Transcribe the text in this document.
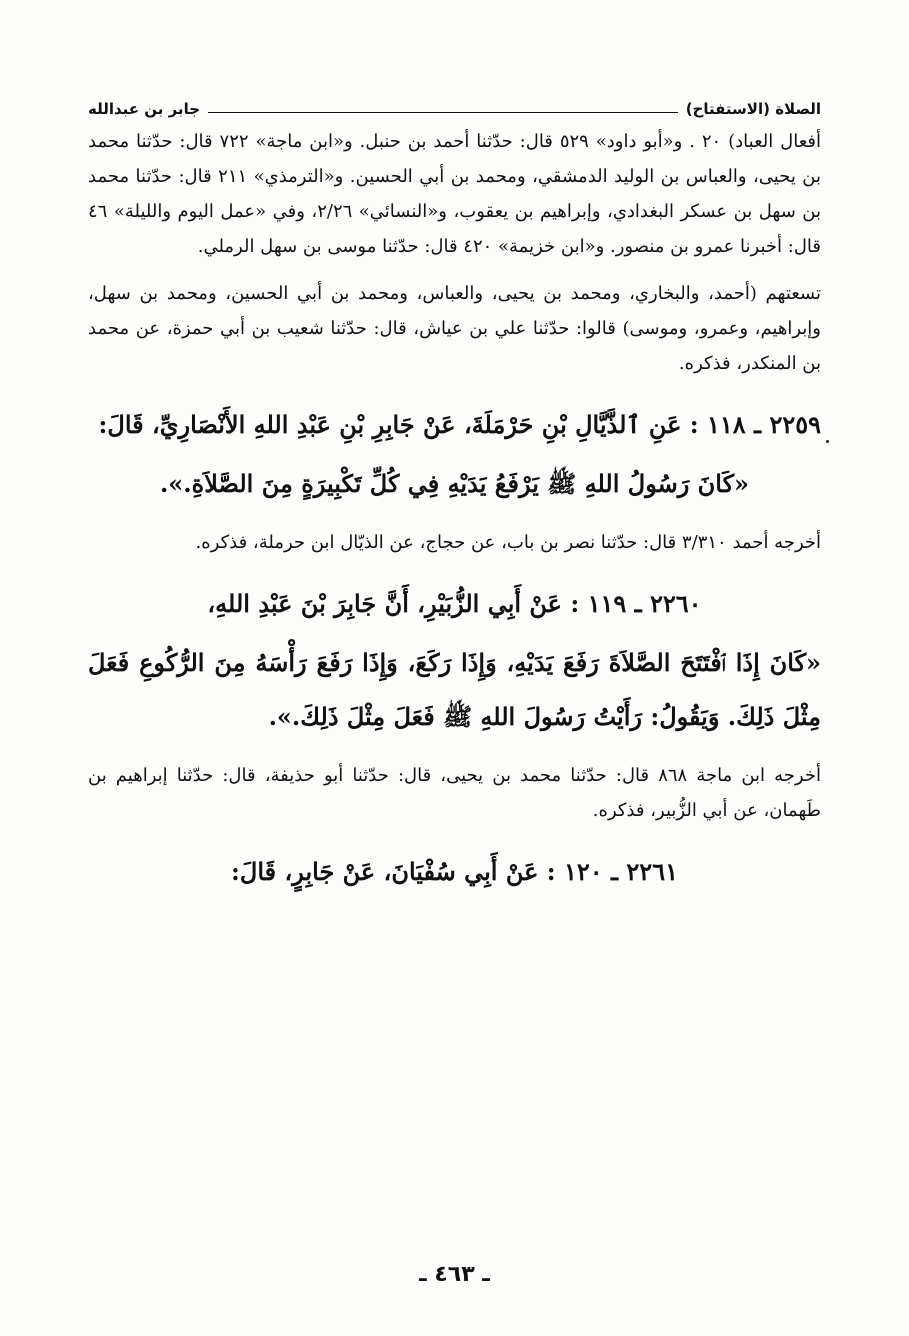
الصلاة (الاستفتاح)
جابر بن عبدالله

أفعال العباد) ٢٠ . و«أبو داود» ٥٢٩ قال: حدّثنا أحمد بن حنبل. و«ابن ماجة» ٧٢٢ قال: حدّثنا محمد بن يحيى، والعباس بن الوليد الدمشقي، ومحمد بن أبي الحسين. و«الترمذي» ٢١١ قال: حدّثنا محمد بن سهل بن عسكر البغدادي، وإبراهيم بن يعقوب، و«النسائي» ٢/٢٦، وفي «عمل اليوم والليلة» ٤٦ قال: أخبرنا عمرو بن منصور. و«ابن خزيمة» ٤٢٠ قال: حدّثنا موسى بن سهل الرملي.

تسعتهم (أحمد، والبخاري، ومحمد بن يحيى، والعباس، ومحمد بن أبي الحسين، ومحمد بن سهل، وإبراهيم، وعمرو، وموسى) قالوا: حدّثنا علي بن عياش، قال: حدّثنا شعيب بن أبي حمزة، عن محمد بن المنكدر، فذكره.

٢٢٥٩ ـ ١١٨ : عَنِ ٱلذَّيَّالِ بْنِ حَرْمَلَةَ، عَنْ جَابِرِ بْنِ عَبْدِ اللهِ الأَنْصَارِيِّ، قَالَ:

«كَانَ رَسُولُ اللهِ ﷺ يَرْفَعُ يَدَيْهِ فِي كُلِّ تَكْبِيرَةٍ مِنَ الصَّلاَةِ.».

أخرجه أحمد ٣/٣١٠ قال: حدّثنا نصر بن باب، عن حجاج، عن الذيّال ابن حرملة، فذكره.

٢٢٦٠ ـ ١١٩ : عَنْ أَبِي الزُّبَيْرِ، أَنَّ جَابِرَ بْنَ عَبْدِ اللهِ،

«كَانَ إِذَا ٱفْتَتَحَ الصَّلاَةَ رَفَعَ يَدَيْهِ، وَإِذَا رَكَعَ، وَإِذَا رَفَعَ رَأْسَهُ مِنَ الرُّكُوعِ فَعَلَ مِثْلَ ذَلِكَ. وَيَقُولُ: رَأَيْتُ رَسُولَ اللهِ ﷺ فَعَلَ مِثْلَ ذَلِكَ.».

أخرجه ابن ماجة ٨٦٨ قال: حدّثنا محمد بن يحيى، قال: حدّثنا أبو حذيفة، قال: حدّثنا إبراهيم بن طَهمان، عن أبي الزُّبير، فذكره.

٢٢٦١ ـ ١٢٠ : عَنْ أَبِي سُفْيَانَ، عَنْ جَابِرٍ، قَالَ:

ـ ٤٦٣ ـ
